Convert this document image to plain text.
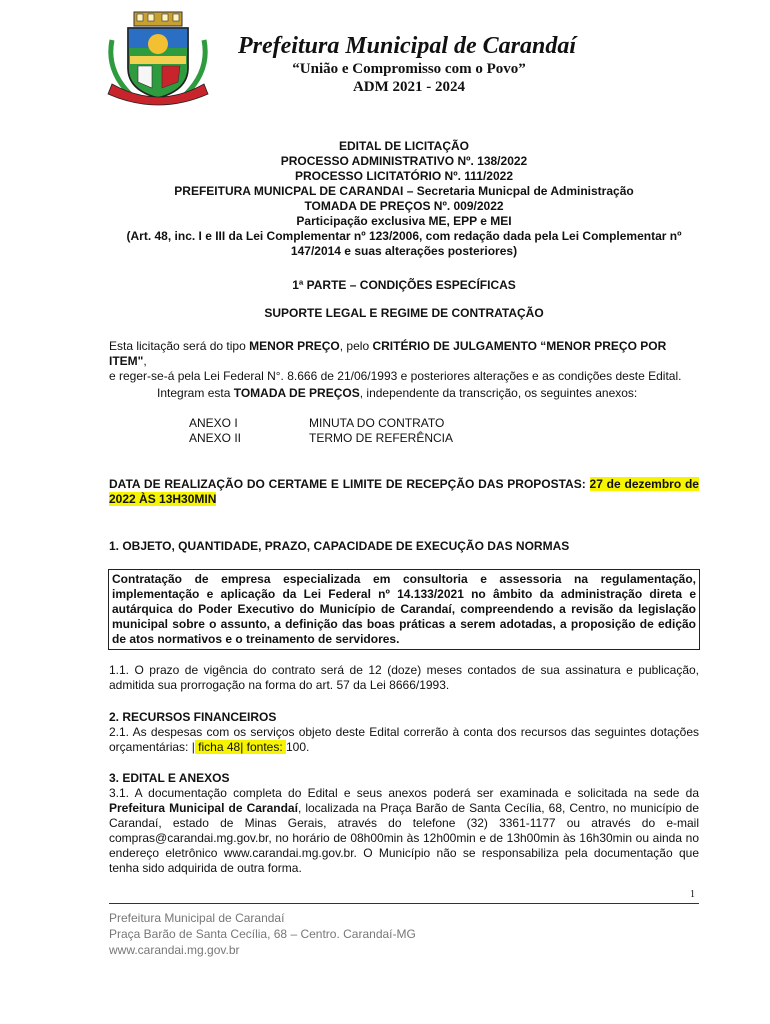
Prefeitura Municipal de Carandaí
“União e Compromisso com o Povo”
ADM 2021 - 2024
EDITAL DE LICITAÇÃO
PROCESSO ADMINISTRATIVO Nº. 138/2022
PROCESSO LICITATÓRIO Nº. 111/2022
PREFEITURA MUNICPAL DE CARANDAI – Secretaria Municpal de Administração
TOMADA DE PREÇOS Nº. 009/2022
Participação exclusiva ME, EPP e MEI
(Art. 48, inc. I e III da Lei Complementar nº 123/2006, com redação dada pela Lei Complementar nº
147/2014 e suas alterações posteriores)
1ª PARTE – CONDIÇÕES ESPECÍFICAS
SUPORTE LEGAL E REGIME DE CONTRATAÇÃO
Esta licitação será do tipo MENOR PREÇO, pelo CRITÉRIO DE JULGAMENTO “MENOR PREÇO POR ITEM",
e reger-se-á pela Lei Federal N°. 8.666 de 21/06/1993 e posteriores alterações e as condições deste Edital.
Integram esta TOMADA DE PREÇOS, independente da transcrição, os seguintes anexos:
ANEXO I	MINUTA DO CONTRATO
ANEXO II	TERMO DE REFERÊNCIA
DATA DE REALIZAÇÃO DO CERTAME E LIMITE DE RECEPÇÃO DAS PROPOSTAS: 27 de dezembro de
2022 ÀS 13H30MIN
1. OBJETO, QUANTIDADE, PRAZO, CAPACIDADE DE EXECUÇÃO DAS NORMAS
Contratação de empresa especializada em consultoria e assessoria na regulamentação, implementação e aplicação da Lei Federal nº 14.133/2021 no âmbito da administração direta e autárquica do Poder Executivo do Município de Carandaí, compreendendo a revisão da legislação municipal sobre o assunto, a definição das boas práticas a serem adotadas, a proposição de edição de atos normativos e o treinamento de servidores.
1.1. O prazo de vigência do contrato será de 12 (doze) meses contados de sua assinatura e publicação, admitida sua prorrogação na forma do art. 57 da Lei 8666/1993.
2. RECURSOS FINANCEIROS
2.1. As despesas com os serviços objeto deste Edital correrão à conta dos recursos das seguintes dotações orçamentárias: | ficha 48| fontes: 100.
3. EDITAL E ANEXOS
3.1. A documentação completa do Edital e seus anexos poderá ser examinada e solicitada na sede da Prefeitura Municipal de Carandaí, localizada na Praça Barão de Santa Cecília, 68, Centro, no município de Carandaí, estado de Minas Gerais, através do telefone (32) 3361-1177 ou através do e-mail compras@carandai.mg.gov.br, no horário de 08h00min às 12h00min e de 13h00min às 16h30min ou ainda no endereço eletrônico www.carandai.mg.gov.br. O Município não se responsabiliza pela documentação que tenha sido adquirida de outra forma.
1
Prefeitura Municipal de Carandaí
Praça Barão de Santa Cecília, 68 – Centro. Carandaí-MG
www.carandai.mg.gov.br
